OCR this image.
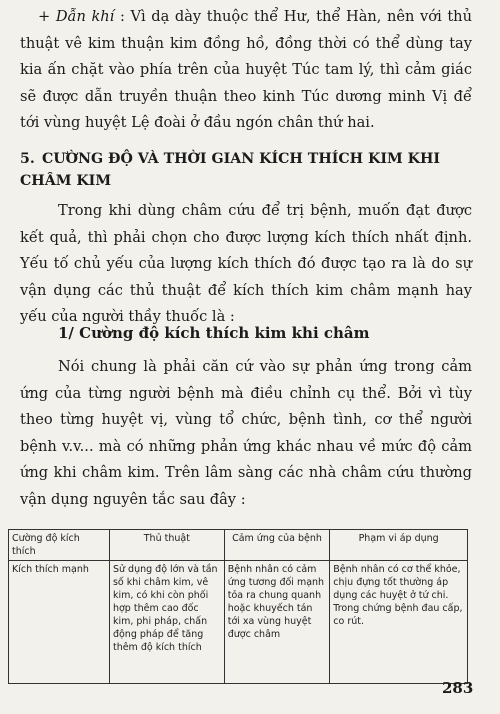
+ Dẫn khí : Vì dạ dày thuộc thể Hư, thể Hàn, nên với thủ thuật vê kim thuận kim đồng hồ, đồng thời có thể dùng tay kia ấn chặt vào phía trên của huyệt Túc tam lý, thì cảm giác sẽ được dẫn truyền thuận theo kinh Túc dương minh Vị để tới vùng huyệt Lệ đoài ở đầu ngón chân thứ hai.

5. CƯỜNG ĐỘ VÀ THỜI GIAN KÍCH THÍCH KIM KHI CHÂM KIM

Trong khi dùng châm cứu để trị bệnh, muốn đạt được kết quả, thì phải chọn cho được lượng kích thích nhất định. Yếu tố chủ yếu của lượng kích thích đó được tạo ra là do sự vận dụng các thủ thuật để kích thích kim châm mạnh hay yếu của người thầy thuốc là :

1/ Cường độ kích thích kim khi châm

Nói chung là phải căn cứ vào sự phản ứng trong cảm ứng của từng người bệnh mà điều chỉnh cụ thể. Bởi vì tùy theo từng huyệt vị, vùng tổ chức, bệnh tình, cơ thể người bệnh v.v... mà có những phản ứng khác nhau về mức độ cảm ứng khi châm kim. Trên lâm sàng các nhà châm cứu thường vận dụng nguyên tắc sau đây :

Cường độ kích thích	Thủ thuật	Cảm ứng của bệnh	Phạm vi áp dụng
Kích thích mạnh	Sử dụng độ lớn và tần số khi châm kim, vê kim, có khi còn phối hợp thêm cao đốc kim, phi pháp, chấn động pháp để tăng thêm độ kích thích	Bệnh nhân có cảm ứng tương đối mạnh tỏa ra chung quanh hoặc khuyếch tán tới xa vùng huyệt được châm	Bệnh nhân có cơ thể khỏe, chịu đựng tốt thường áp dụng các huyệt ở tứ chi. Trong chứng bệnh đau cấp, co rút.
283
